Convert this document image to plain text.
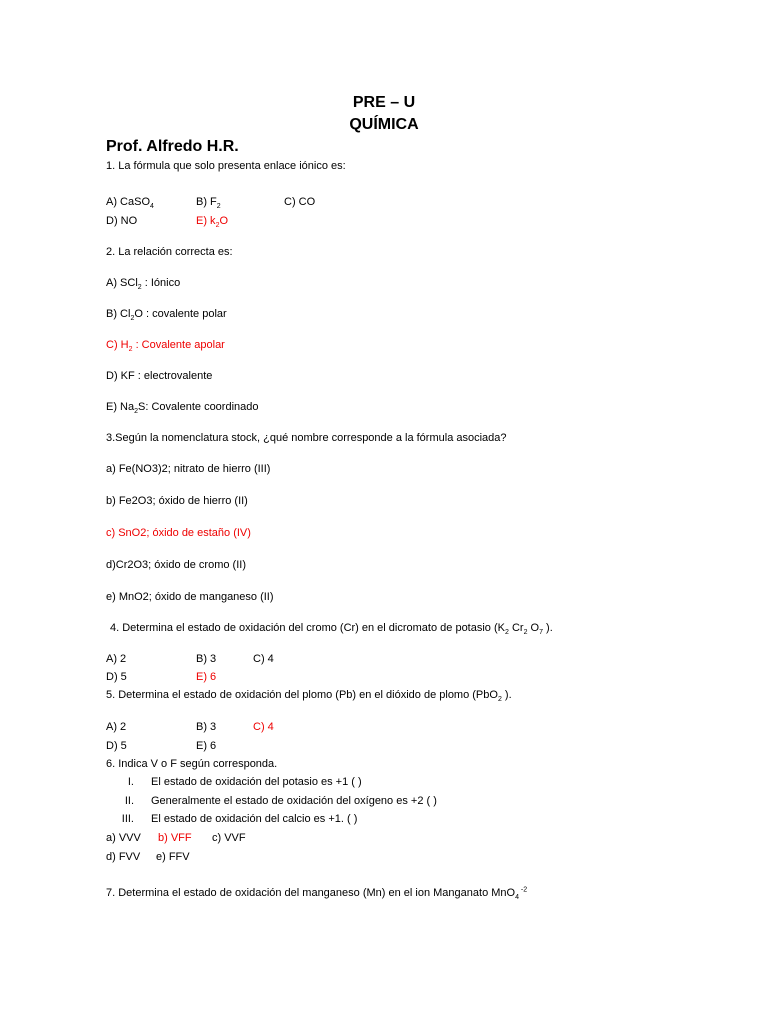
PRE – U
QUÍMICA
Prof. Alfredo H.R.
1. La fórmula que solo presenta enlace iónico es:
A) CaSO$_4$	B) $F_2$	C) CO
D) NO	E) $k_2O$
2. La relación correcta es:
A) SCl$_2$ : Iónico
B) $Cl_2O$ : covalente polar
C) $H_2$ : Covalente apolar
D) KF : electrovalente
E) $Na_2S$: Covalente coordinado
3.Según la nomenclatura stock, ¿qué nombre corresponde a la fórmula asociada?
a) Fe(NO3)2; nitrato de hierro (III)
b) Fe2O3; óxido de hierro (II)
c) SnO2; óxido de estaño (IV)
d)Cr2O3; óxido de cromo (II)
e) MnO2; óxido de manganeso (II)
4. Determina el estado de oxidación del cromo (Cr) en el dicromato de potasio ($K_2$ $Cr_2$ $O_7$ ).
A) 2	B) 3	C) 4
D) 5	E) 6
5. Determina el estado de oxidación del plomo (Pb) en el dióxido de plomo (PbO$_2$ ).
A) 2	B) 3	C) 4
D) 5	E) 6
6. Indica V o F según corresponda.
I. El estado de oxidación del potasio es +1 ( )
II. Generalmente el estado de oxidación del oxígeno es +2 ( )
III. El estado de oxidación del calcio es +1. ( )
a) VVV b) VFF c) VVF
d) FVV e) FFV
7. Determina el estado de oxidación del manganeso (Mn) en el ion Manganato MnO$_4$ $^{-2}$
